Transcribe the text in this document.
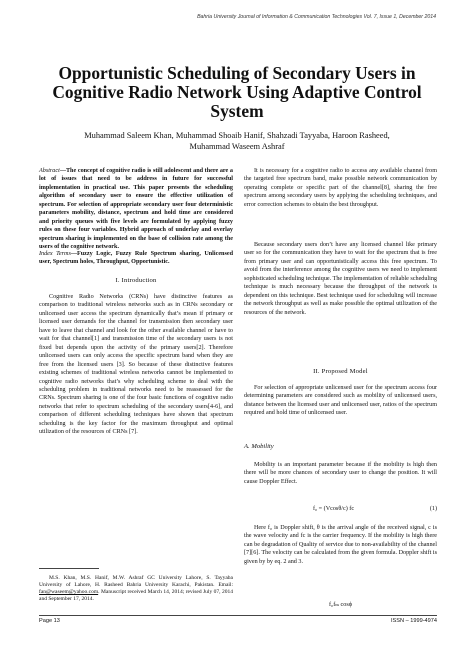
Bahria University Journal of Information & Communication Technologies Vol. 7, Issue 1, December 2014
Opportunistic Scheduling of Secondary Users in Cognitive Radio Network Using Adaptive Control System
Muhammad Saleem Khan, Muhammad Shoaib Hanif, Shahzadi Tayyaba, Haroon Rasheed,
Muhammad Waseem Ashraf
Abstract—The concept of cognitive radio is still adolescent and there are a lot of issues that need to be address in future for successful implementation in practical use. This paper presents the scheduling algorithm of secondary user to ensure the effective utilization of spectrum. For selection of appropriate secondary user four deterministic parameters mobility, distance, spectrum and hold time are considered and priority queues with five levels are formulated by applying fuzzy rules on these four variables. Hybrid approach of underlay and overlay spectrum sharing is implemented on the base of collision rate among the users of the cognitive network.
Index Terms—Fuzzy Logic, Fuzzy Rule Spectrum sharing, Unlicensed user, Spectrum holes, Throughput, Opportunistic.
I. Introduction

Cognitive Radio Networks (CRNs) have distinctive features as comparison to traditional wireless networks such as in CRNs secondary or unlicensed user access the spectrum dynamically that’s mean if primary or licensed user demands for the channel for transmission then secondary user have to leave that channel and look for the other available channel or have to wait for that channel[1] and transmission time of the secondary users is not fixed but depends upon the activity of the primary users[2]. Therefore unlicensed users can only access the specific spectrum band when they are free from the licensed users [3]. So because of these distinctive features existing schemes of traditional wireless networks cannot be implemented to cognitive radio networks that’s why scheduling scheme to deal with the scheduling problem in traditional networks need to be reassessed for the CRNs. Spectrum sharing is one of the four basic functions of cognitive radio networks that refer to spectrum scheduling of the secondary users[4-6], and comparison of different scheduling techniques have shown that spectrum scheduling is the key factor for the maximum throughput and optimal utilization of the resources of CRNs [7].

M.S. Khan, M.S. Hanif, M.W. Ashraf GC University Lahore, S. Tayyaba University of Lahore, H. Rasheed Bahria University Karachi, Pakistan. Email: fan@waseem@yahoo.com. Manuscript received March 14, 2014; revised July 07, 2014 and September 17, 2014.

It is necessary for a cognitive radio to access any available channel from the targeted free spectrum band, make possible network communication by operating complete or specific part of the channel[8], sharing the free spectrum among secondary users by applying the scheduling techniques, and error correction schemes to obtain the best throughput.

Because secondary users don’t have any licensed channel like primary user so for the communication they have to wait for the spectrum that is free from primary user and can opportunistically access this free spectrum. To avoid from the interference among the cognitive users we need to implement sophisticated scheduling technique. The implementation of reliable scheduling technique is much necessary because the throughput of the network is dependent on this technique. Best technique used for scheduling will increase the network throughput as well as make possible the optimal utilization of the resources of the network.

II. Proposed Model

For selection of appropriate unlicensed user for the spectrum access four determining parameters are considered such as mobility of unlicensed users, distance between the licensed user and unlicensed user, ratios of the spectrum required and hold time of unlicensed user.

A. Mobility

Mobility is an important parameter because if the mobility is high then there will be more chances of secondary user to change the position. It will cause Doppler Effect.

f₀ = (Vcosθ/c) fc	(1)

Here f₀ is Doppler shift, θ is the arrival angle of the received signal, c is the wave velocity and fc is the carrier frequency. If the mobility is high there can be degradation of Quality of service due to non-availability of the channel [7][6]. The velocity can be calculated from the given formula. Doppler shift is given by by eq. 2 and 3.

f₀fₘ cosϕ
Page 13	ISSN – 1999-4974
